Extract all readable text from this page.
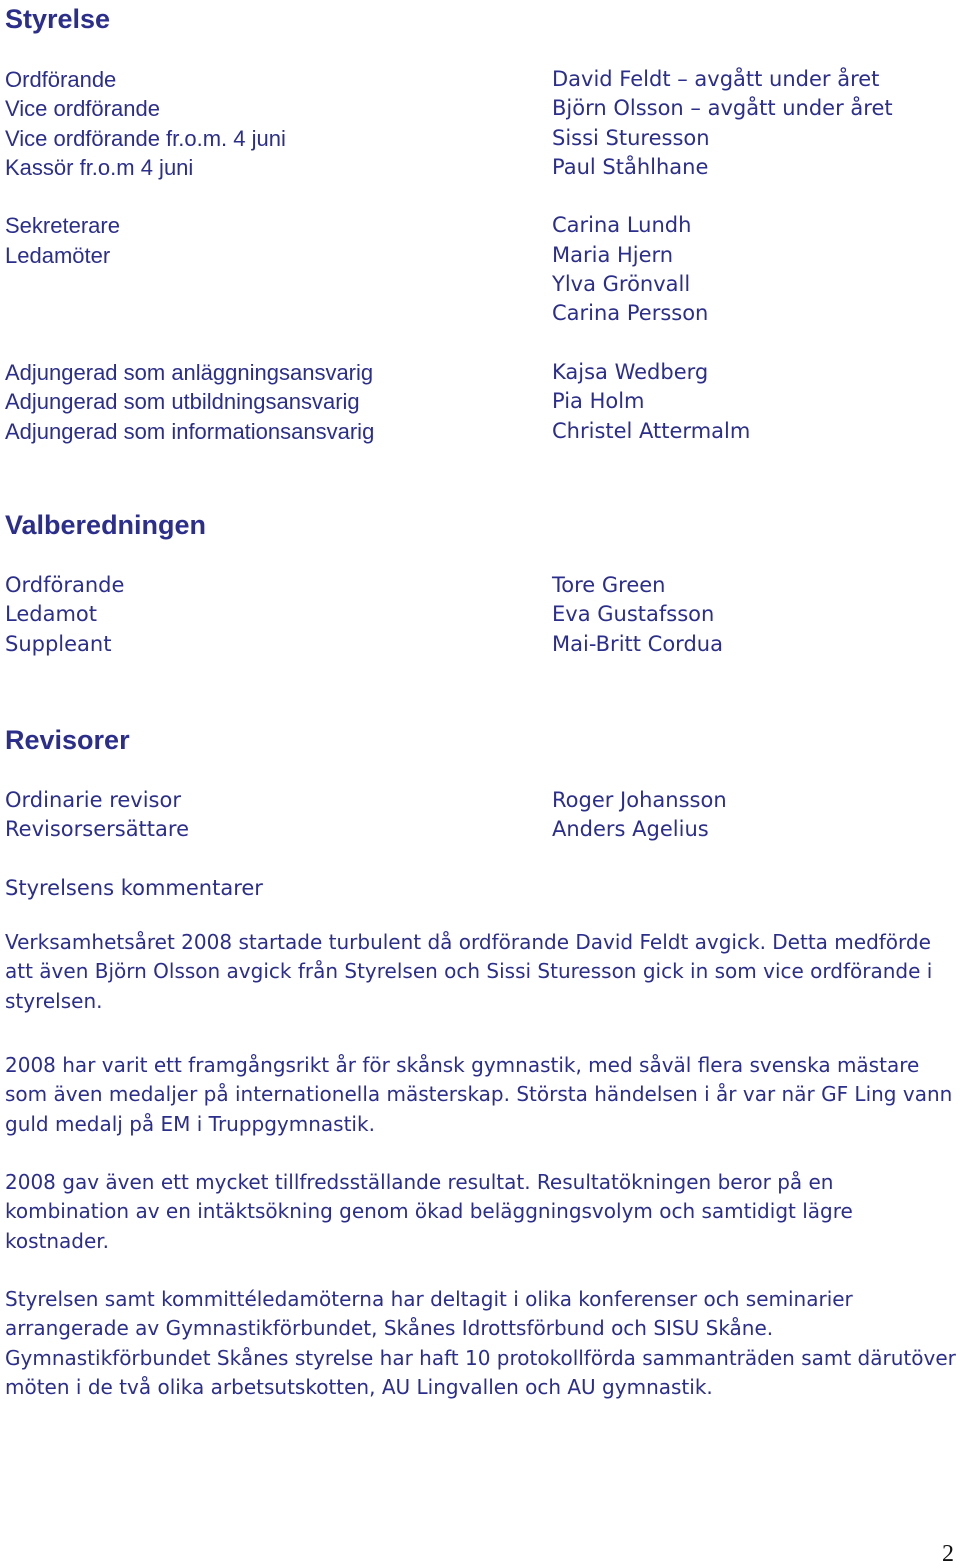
Styrelse
Ordförande
Vice ordförande
Vice ordförande fr.o.m. 4 juni
Kassör fr.o.m 4 juni
Sekreterare
Ledamöter
Adjungerad som anläggningsansvarig
Adjungerad som utbildningsansvarig
Adjungerad som informationsansvarig
David Feldt – avgått under året
Björn Olsson – avgått under året
Sissi Sturesson
Paul Ståhlhane
Carina Lundh
Maria Hjern
Ylva Grönvall
Carina Persson
Kajsa Wedberg
Pia Holm
Christel Attermalm
Valberedningen
Ordförande
Ledamot
Suppleant
Tore Green
Eva Gustafsson
Mai-Britt Cordua
Revisorer
Ordinarie revisor
Revisorsersättare
Roger Johansson
Anders Agelius

Styrelsens kommentarer

Verksamhetsåret 2008 startade turbulent då ordförande David Feldt avgick. Detta medförde att även Björn Olsson avgick från Styrelsen och Sissi Sturesson gick in som vice ordförande i styrelsen.

2008 har varit ett framgångsrikt år för skånsk gymnastik, med såväl flera svenska mästare som även medaljer på internationella mästerskap. Största händelsen i år var när GF Ling vann guld medalj på EM i Truppgymnastik.

2008 gav även ett mycket tillfredsställande resultat. Resultatökningen beror på en kombination av en intäktsökning genom ökad beläggningsvolym och samtidigt lägre kostnader.

Styrelsen samt kommittéledamöterna har deltagit i olika konferenser och seminarier arrangerade av Gymnastikförbundet, Skånes Idrottsförbund och SISU Skåne. Gymnastikförbundet Skånes styrelse har haft 10 protokollförda sammanträden samt därutöver möten i de två olika arbetsutskotten, AU Lingvallen och AU gymnastik.

2
